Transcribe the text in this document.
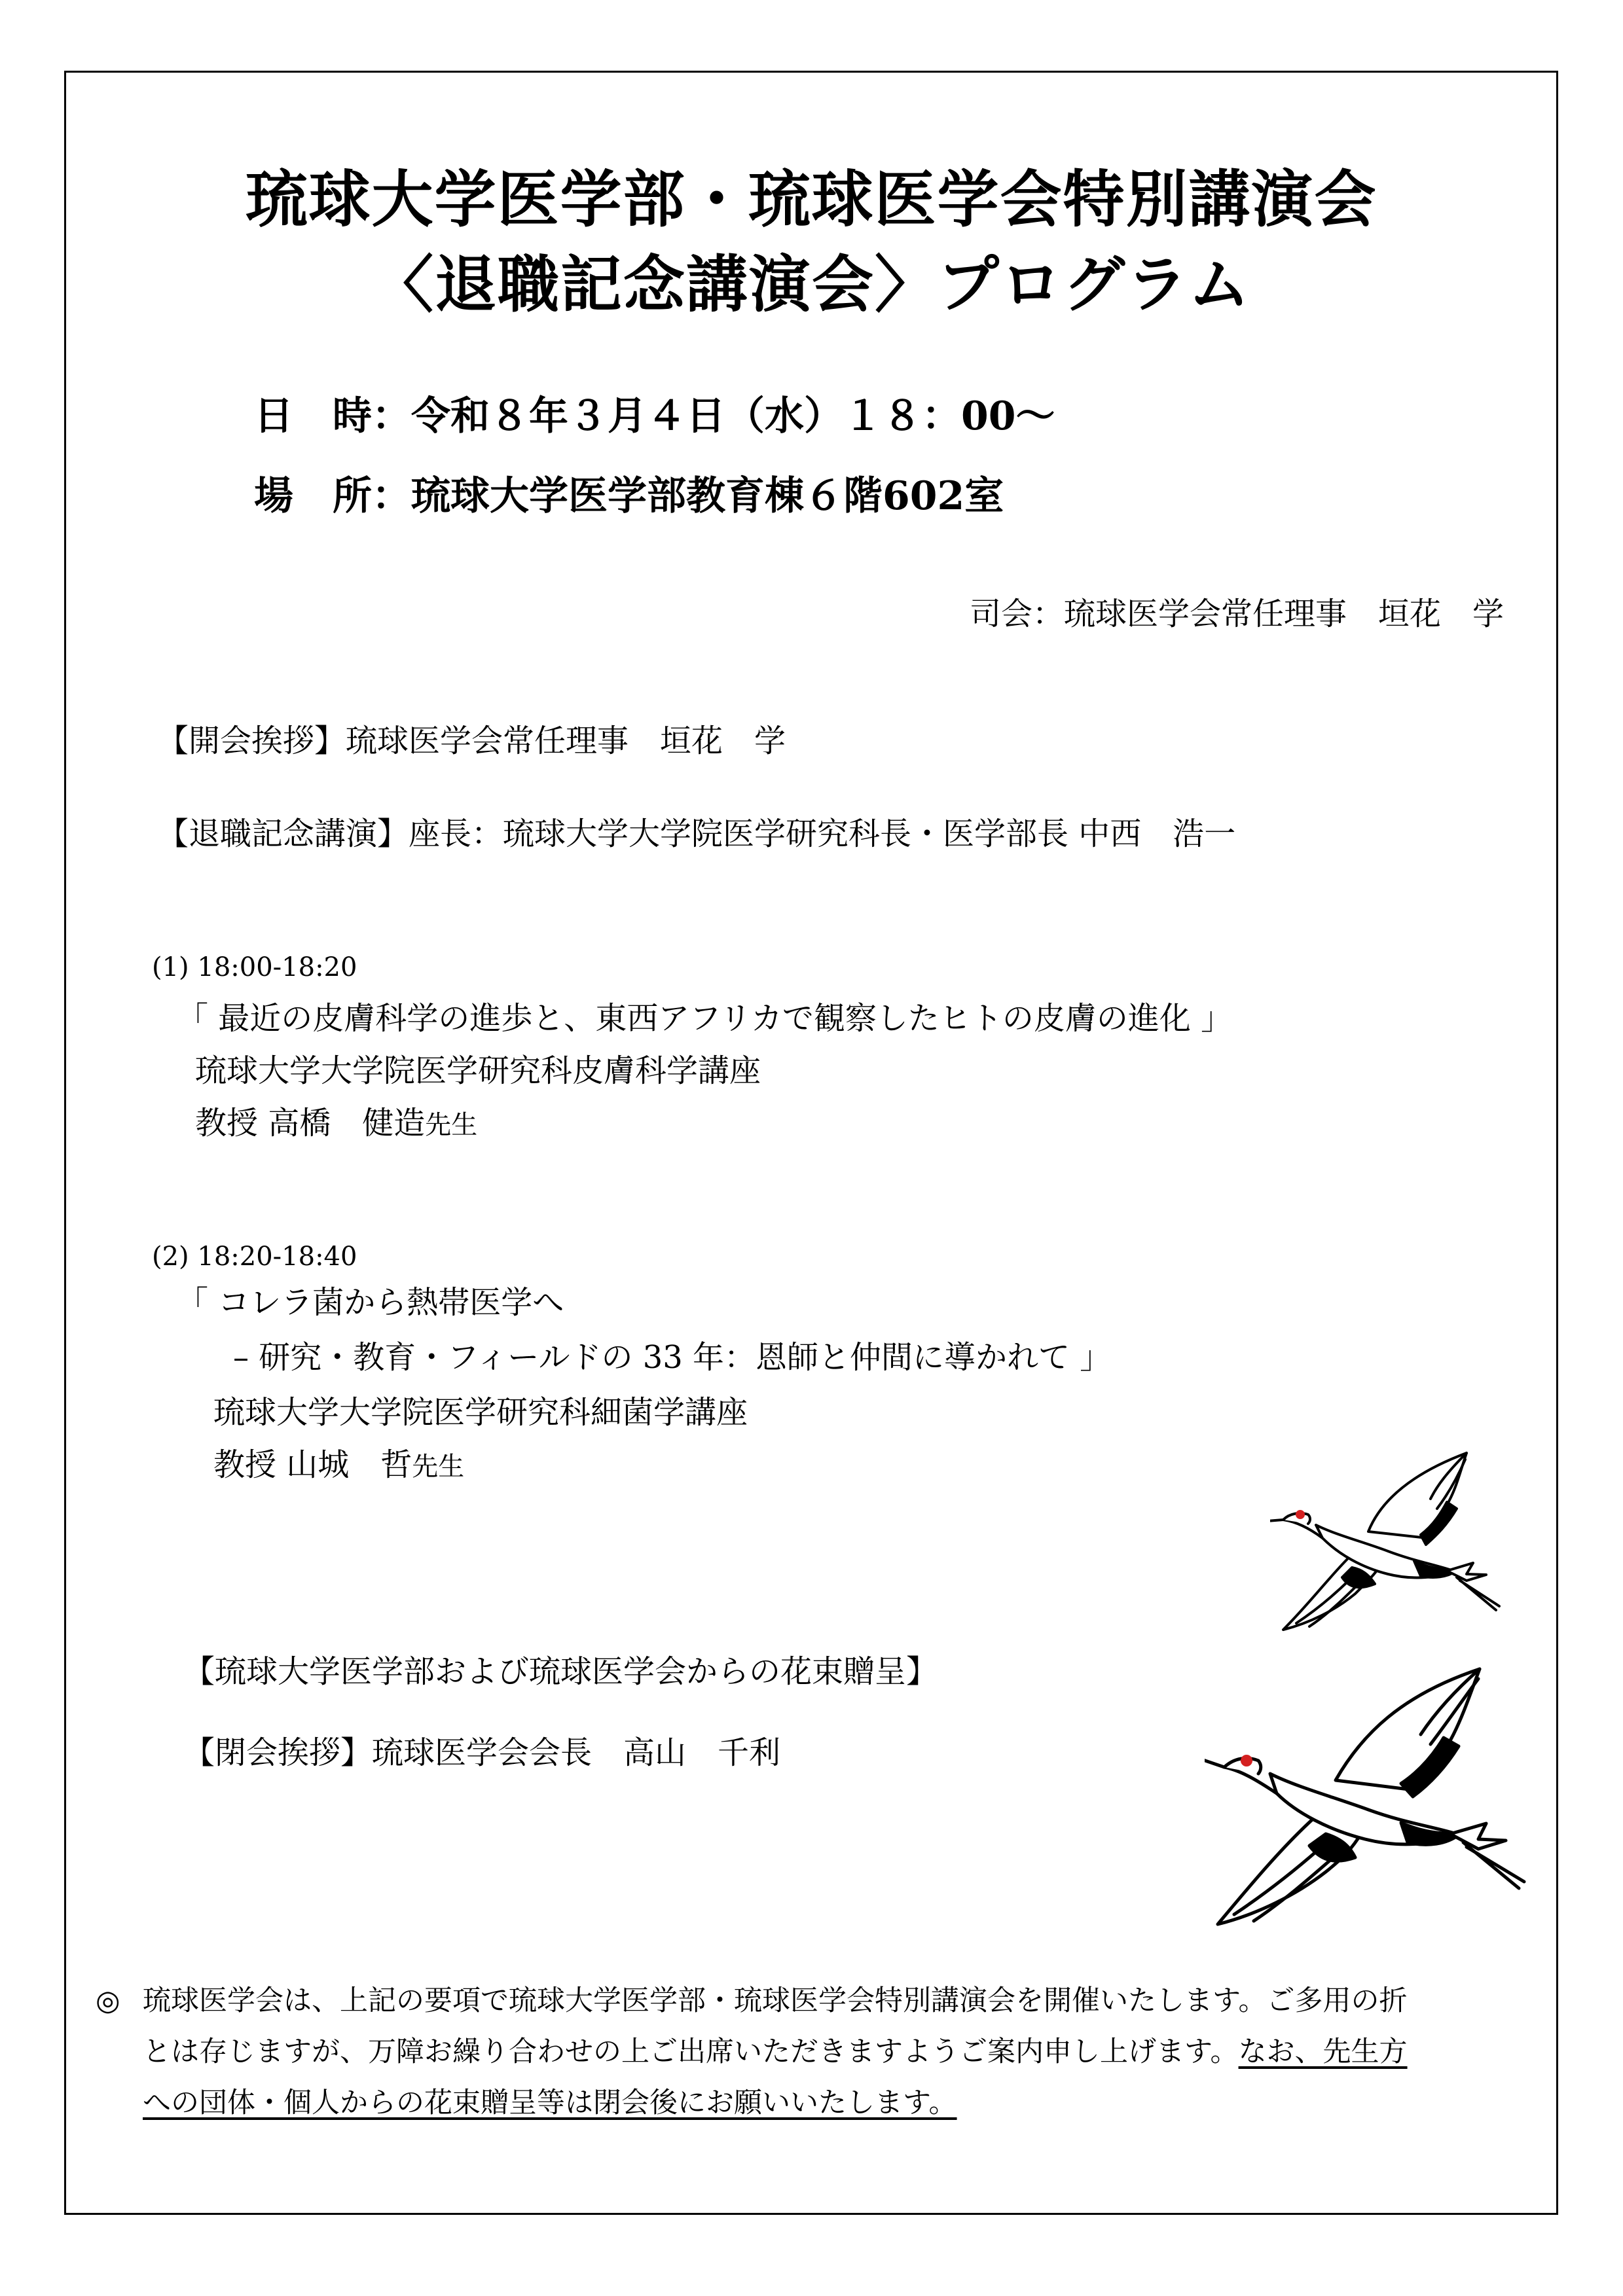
琉球大学医学部・琉球医学会特別講演会
〈退職記念講演会〉プログラム
日　時：令和８年３月４日（水）１８：00〜
場　所：琉球大学医学部教育棟６階602室
司会：琉球医学会常任理事　垣花　学
【開会挨拶】琉球医学会常任理事　垣花　学
【退職記念講演】座長：琉球大学大学院医学研究科長・医学部長 中西　浩一
(1) 18:00-18:20
「 最近の皮膚科学の進歩と、東西アフリカで観察したヒトの皮膚の進化 」
琉球大学大学院医学研究科皮膚科学講座
教授 高橋　健造先生
(2) 18:20-18:40
「 コレラ菌から熱帯医学へ
– 研究・教育・フィールドの 33 年：恩師と仲間に導かれて 」
琉球大学大学院医学研究科細菌学講座
教授 山城　哲先生
【琉球大学医学部および琉球医学会からの花束贈呈】
【閉会挨拶】琉球医学会会長　高山　千利
◎ 琉球医学会は、上記の要項で琉球大学医学部・琉球医学会特別講演会を開催いたします。ご多用の折
とは存じますが、万障お繰り合わせの上ご出席いただきますようご案内申し上げます。なお、先生方
への団体・個人からの花束贈呈等は閉会後にお願いいたします。
